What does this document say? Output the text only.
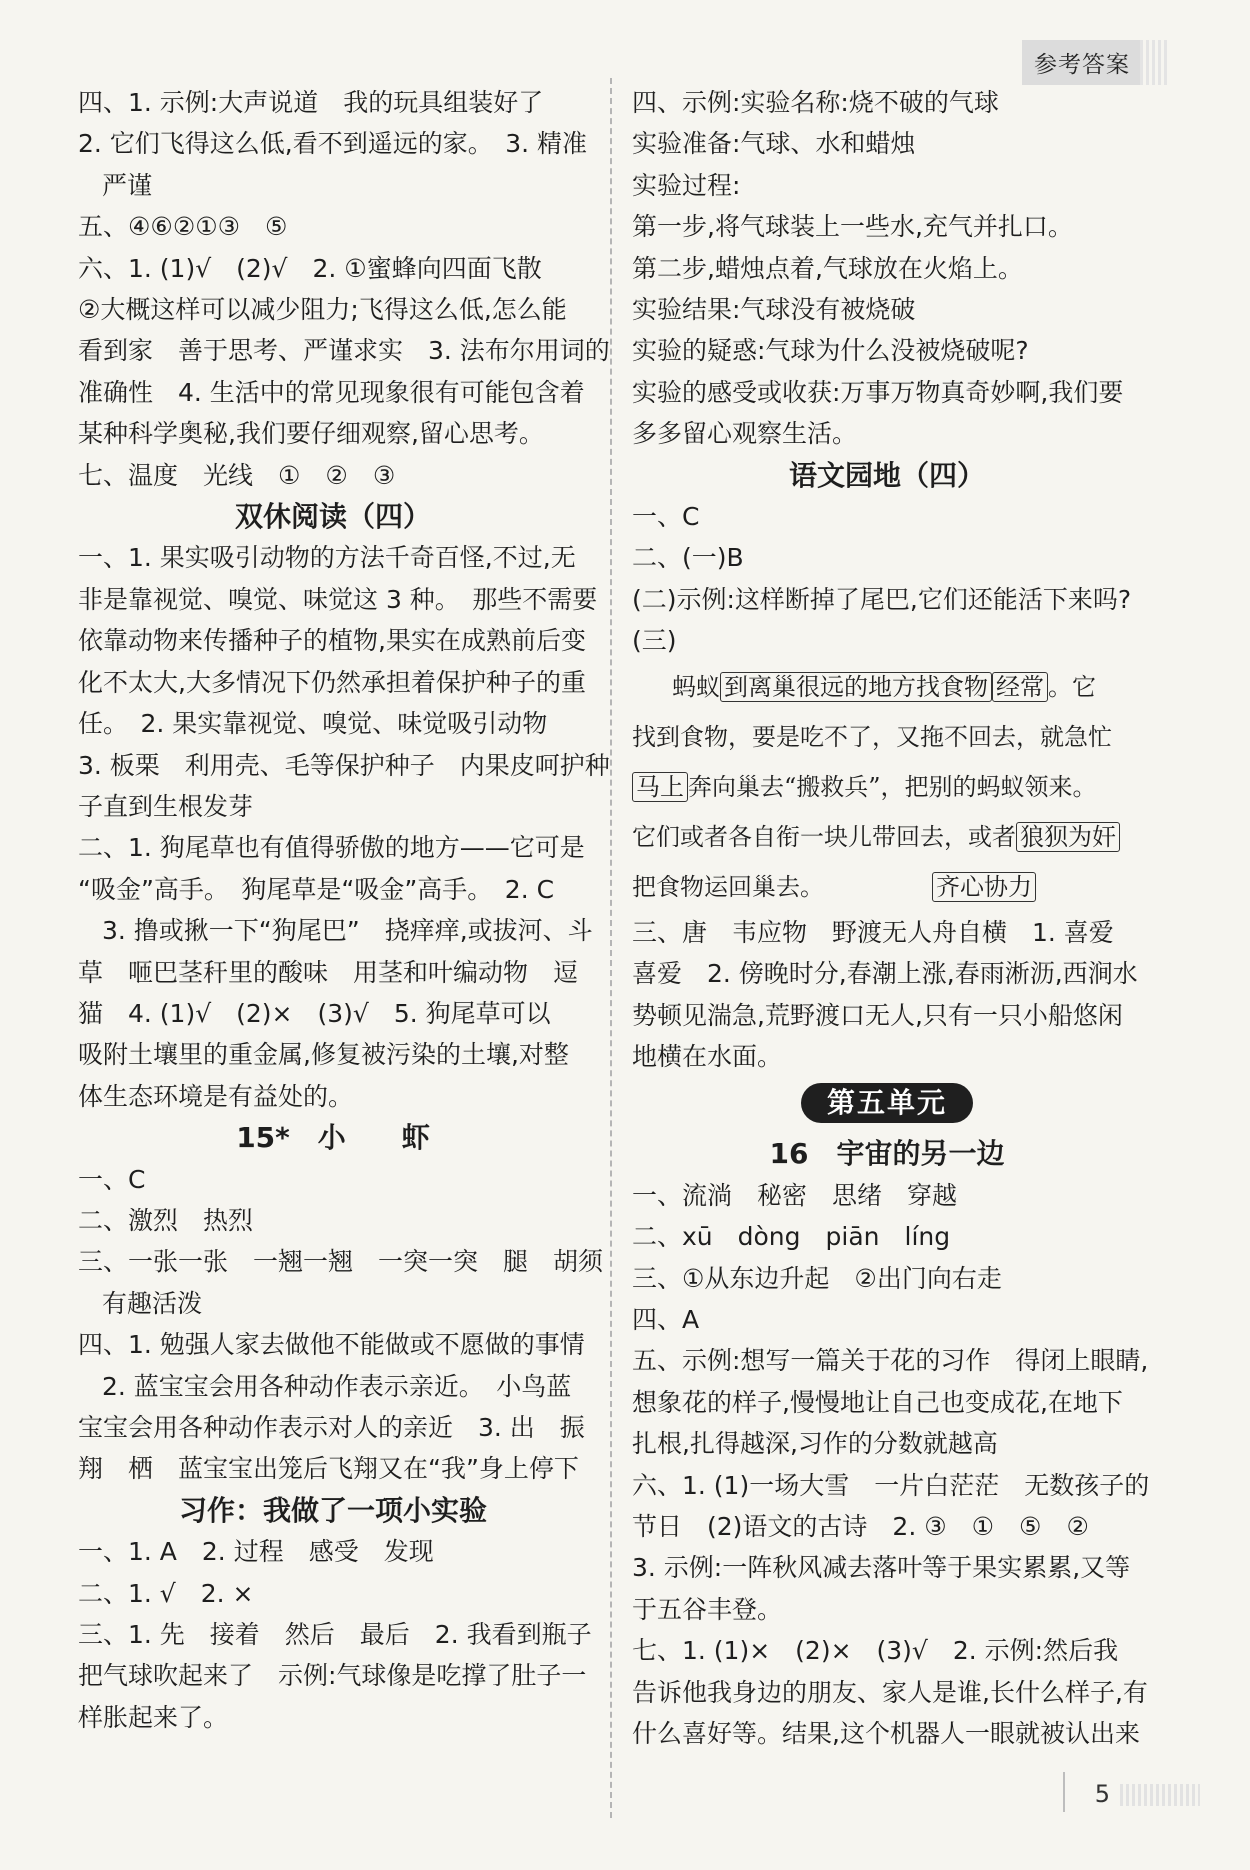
参考答案
四、1. 示例:大声说道　我的玩具组装好了
2. 它们飞得这么低,看不到遥远的家。　3. 精准
严谨
五、④⑥②①③　⑤
六、1. (1)√　(2)√　2. ①蜜蜂向四面飞散
②大概这样可以减少阻力;飞得这么低,怎么能
看到家　善于思考、严谨求实　3. 法布尔用词的
准确性　4. 生活中的常见现象很有可能包含着
某种科学奥秘,我们要仔细观察,留心思考。
七、温度　光线　①　②　③
双休阅读（四）
一、1. 果实吸引动物的方法千奇百怪,不过,无
非是靠视觉、嗅觉、味觉这 3 种。　那些不需要
依靠动物来传播种子的植物,果实在成熟前后变
化不太大,大多情况下仍然承担着保护种子的重
任。　2. 果实靠视觉、嗅觉、味觉吸引动物
3. 板栗　利用壳、毛等保护种子　内果皮呵护种
子直到生根发芽
二、1. 狗尾草也有值得骄傲的地方——它可是
“吸金”高手。　狗尾草是“吸金”高手。　2. C
3. 撸或揪一下“狗尾巴”　挠痒痒,或拔河、斗
草　咂巴茎秆里的酸味　用茎和叶编动物　逗
猫　4. (1)√　(2)×　(3)√　5. 狗尾草可以
吸附土壤里的重金属,修复被污染的土壤,对整
体生态环境是有益处的。
15*　小　　虾
一、C
二、激烈　热烈
三、一张一张　一翘一翘　一突一突　腿　胡须
有趣活泼
四、1. 勉强人家去做他不能做或不愿做的事情
2. 蓝宝宝会用各种动作表示亲近。　小鸟蓝
宝宝会用各种动作表示对人的亲近　3. 出　振
翔　栖　蓝宝宝出笼后飞翔又在“我”身上停下
习作：我做了一项小实验
一、1. A　2. 过程　感受　发现
二、1. √　2. ×
三、1. 先　接着　然后　最后　2. 我看到瓶子
把气球吹起来了　示例:气球像是吃撑了肚子一
样胀起来了。
四、示例:实验名称:烧不破的气球
实验准备:气球、水和蜡烛
实验过程:
第一步,将气球装上一些水,充气并扎口。
第二步,蜡烛点着,气球放在火焰上。
实验结果:气球没有被烧破
实验的疑惑:气球为什么没被烧破呢?
实验的感受或收获:万事万物真奇妙啊,我们要
多多留心观察生活。
语文园地（四）
一、C
二、(一)B
(二)示例:这样断掉了尾巴,它们还能活下来吗?
(三)
蚂蚁 到离巢很远的地方找食物 经常 。它
找到食物，要是吃不了，又拖不回去，就急忙
马上 奔向巢去“搬救兵”，把别的蚂蚁领来。
它们或者各自衔一块儿带回去，或者 狼狈为奸
把食物运回巢去。　　　　　	齐心协力
三、唐　韦应物　野渡无人舟自横　1. 喜爱
喜爱　2. 傍晚时分,春潮上涨,春雨淅沥,西涧水
势顿见湍急,荒野渡口无人,只有一只小船悠闲
地横在水面。
第五单元
16　宇宙的另一边
一、流淌　秘密　思绪　穿越
二、xū　dòng　piān　líng
三、①从东边升起　②出门向右走
四、A
五、示例:想写一篇关于花的习作　得闭上眼睛,
想象花的样子,慢慢地让自己也变成花,在地下
扎根,扎得越深,习作的分数就越高
六、1. (1)一场大雪　一片白茫茫　无数孩子的
节日　(2)语文的古诗　2. ③　①　⑤　②
3. 示例:一阵秋风减去落叶等于果实累累,又等
于五谷丰登。
七、1. (1)×　(2)×　(3)√　2. 示例:然后我
告诉他我身边的朋友、家人是谁,长什么样子,有
什么喜好等。结果,这个机器人一眼就被认出来
5
